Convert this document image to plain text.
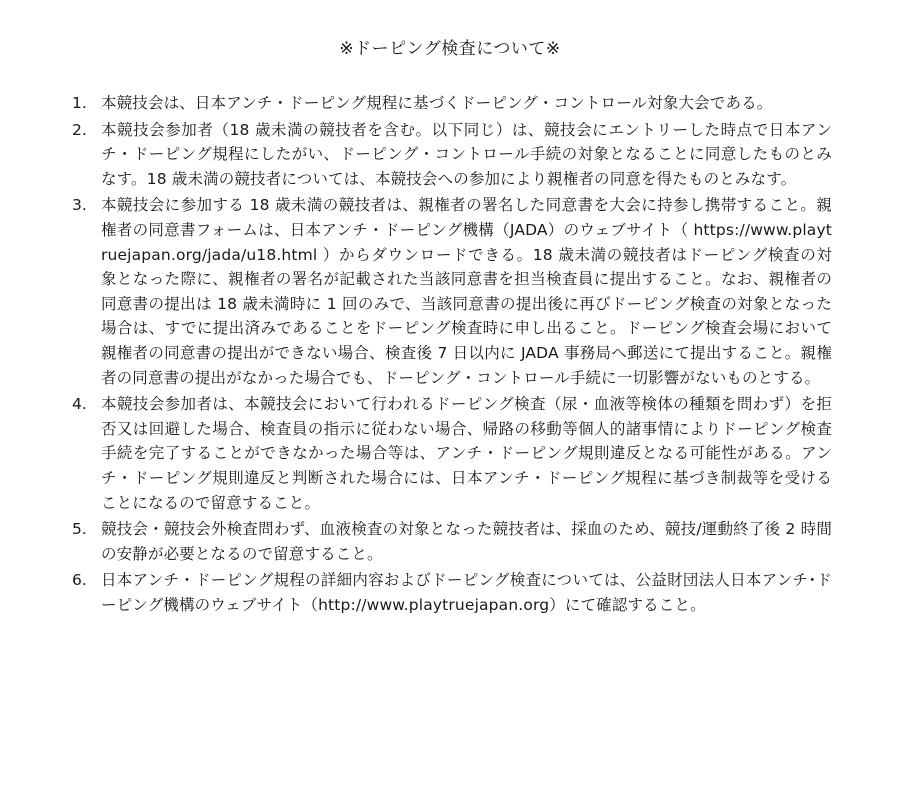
※ドーピング検査について※
1. 本競技会は、日本アンチ・ドーピング規程に基づくドーピング・コントロール対象大会である。
2. 本競技会参加者（18 歳未満の競技者を含む。以下同じ）は、競技会にエントリーした時点で日本アンチ・ドーピング規程にしたがい、ドーピング・コントロール手続の対象となることに同意したものとみなす。18 歳未満の競技者については、本競技会への参加により親権者の同意を得たものとみなす。
3. 本競技会に参加する 18 歳未満の競技者は、親権者の署名した同意書を大会に持参し携帯すること。親権者の同意書フォームは、日本アンチ・ドーピング機構（JADA）のウェブサイト（ https://www.playtruejapan.org/jada/u18.html ）からダウンロードできる。18 歳未満の競技者はドーピング検査の対象となった際に、親権者の署名が記載された当該同意書を担当検査員に提出すること。なお、親権者の同意書の提出は 18 歳未満時に 1 回のみで、当該同意書の提出後に再びドーピング検査の対象となった場合は、すでに提出済みであることをドーピング検査時に申し出ること。ドーピング検査会場において親権者の同意書の提出ができない場合、検査後 7 日以内に JADA 事務局へ郵送にて提出すること。親権者の同意書の提出がなかった場合でも、ドーピング・コントロール手続に一切影響がないものとする。
4. 本競技会参加者は、本競技会において行われるドーピング検査（尿・血液等検体の種類を問わず）を拒否又は回避した場合、検査員の指示に従わない場合、帰路の移動等個人的諸事情によりドーピング検査手続を完了することができなかった場合等は、アンチ・ドーピング規則違反となる可能性がある。アンチ・ドーピング規則違反と判断された場合には、日本アンチ・ドーピング規程に基づき制裁等を受けることになるので留意すること。
5. 競技会・競技会外検査問わず、血液検査の対象となった競技者は、採血のため、競技/運動終了後 2 時間の安静が必要となるので留意すること。
6. 日本アンチ・ドーピング規程の詳細内容およびドーピング検査については、公益財団法人日本アンチ･ドーピング機構のウェブサイト（http://www.playtruejapan.org）にて確認すること。
